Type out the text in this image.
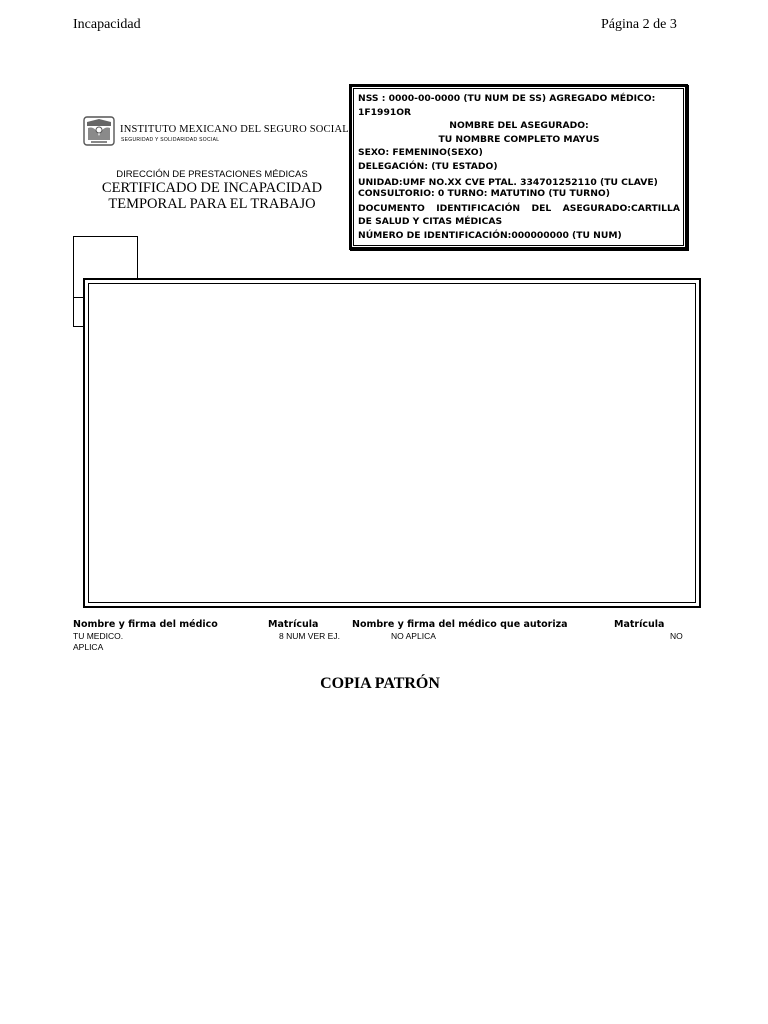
Incapacidad	Página 2 de 3
INSTITUTO MEXICANO DEL SEGURO SOCIAL
SEGURIDAD Y SOLIDARIDAD SOCIAL
DIRECCIÓN DE PRESTACIONES MÉDICAS
CERTIFICADO DE INCAPACIDAD
TEMPORAL PARA EL TRABAJO
NSS : 0000-00-0000 (TU NUM DE SS) AGREGADO MÉDICO:
1F1991OR
NOMBRE DEL ASEGURADO:
TU NOMBRE COMPLETO MAYUS
SEXO: FEMENINO(SEXO)
DELEGACIÓN: (TU ESTADO)
UNIDAD:UMF NO.XX CVE PTAL. 334701252110 (TU CLAVE)
CONSULTORIO: 0 TURNO: MATUTINO (TU TURNO)
DOCUMENTO IDENTIFICACIÓN DEL ASEGURADO:CARTILLA
DE SALUD Y CITAS MÉDICAS
NÚMERO DE IDENTIFICACIÓN:000000000 (TU NUM)
Nombre y firma del médico	Matrícula	Nombre y firma del médico que autoriza	Matrícula
TU MEDICO.	8 NUM VER EJ.	NO APLICA	NO
APLICA
COPIA PATRÓN
